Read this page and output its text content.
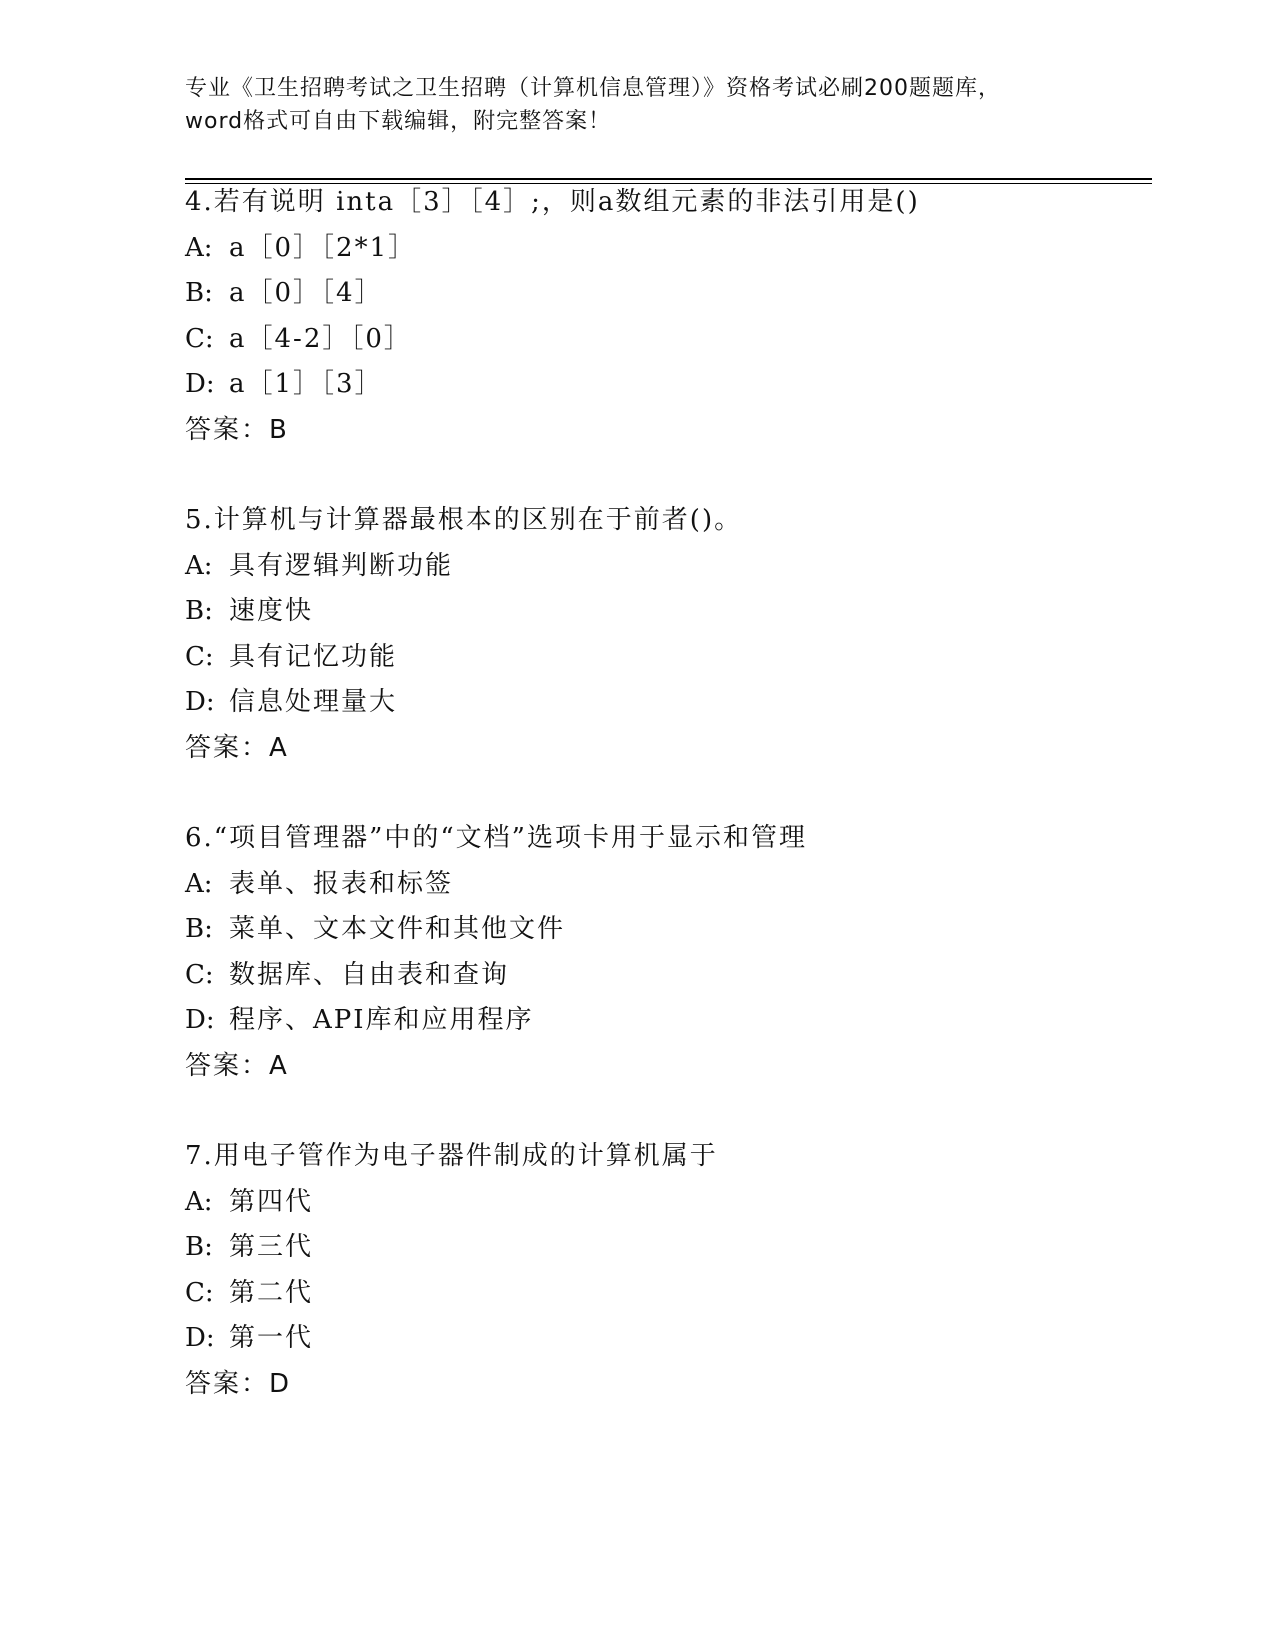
专业《卫生招聘考试之卫生招聘（计算机信息管理）》资格考试必刷200题题库，
word格式可自由下载编辑，附完整答案！
4.若有说明 inta［3］［4］;，则a数组元素的非法引用是()
A: a［0］［2*1］
B: a［0］［4］
C: a［4-2］［0］
D: a［1］［3］
答案：B
5.计算机与计算器最根本的区别在于前者()。
A: 具有逻辑判断功能
B: 速度快
C: 具有记忆功能
D: 信息处理量大
答案：A
6.“项目管理器”中的“文档”选项卡用于显示和管理
A: 表单、报表和标签
B: 菜单、文本文件和其他文件
C: 数据库、自由表和查询
D: 程序、API库和应用程序
答案：A
7.用电子管作为电子器件制成的计算机属于
A: 第四代
B: 第三代
C: 第二代
D: 第一代
答案：D
